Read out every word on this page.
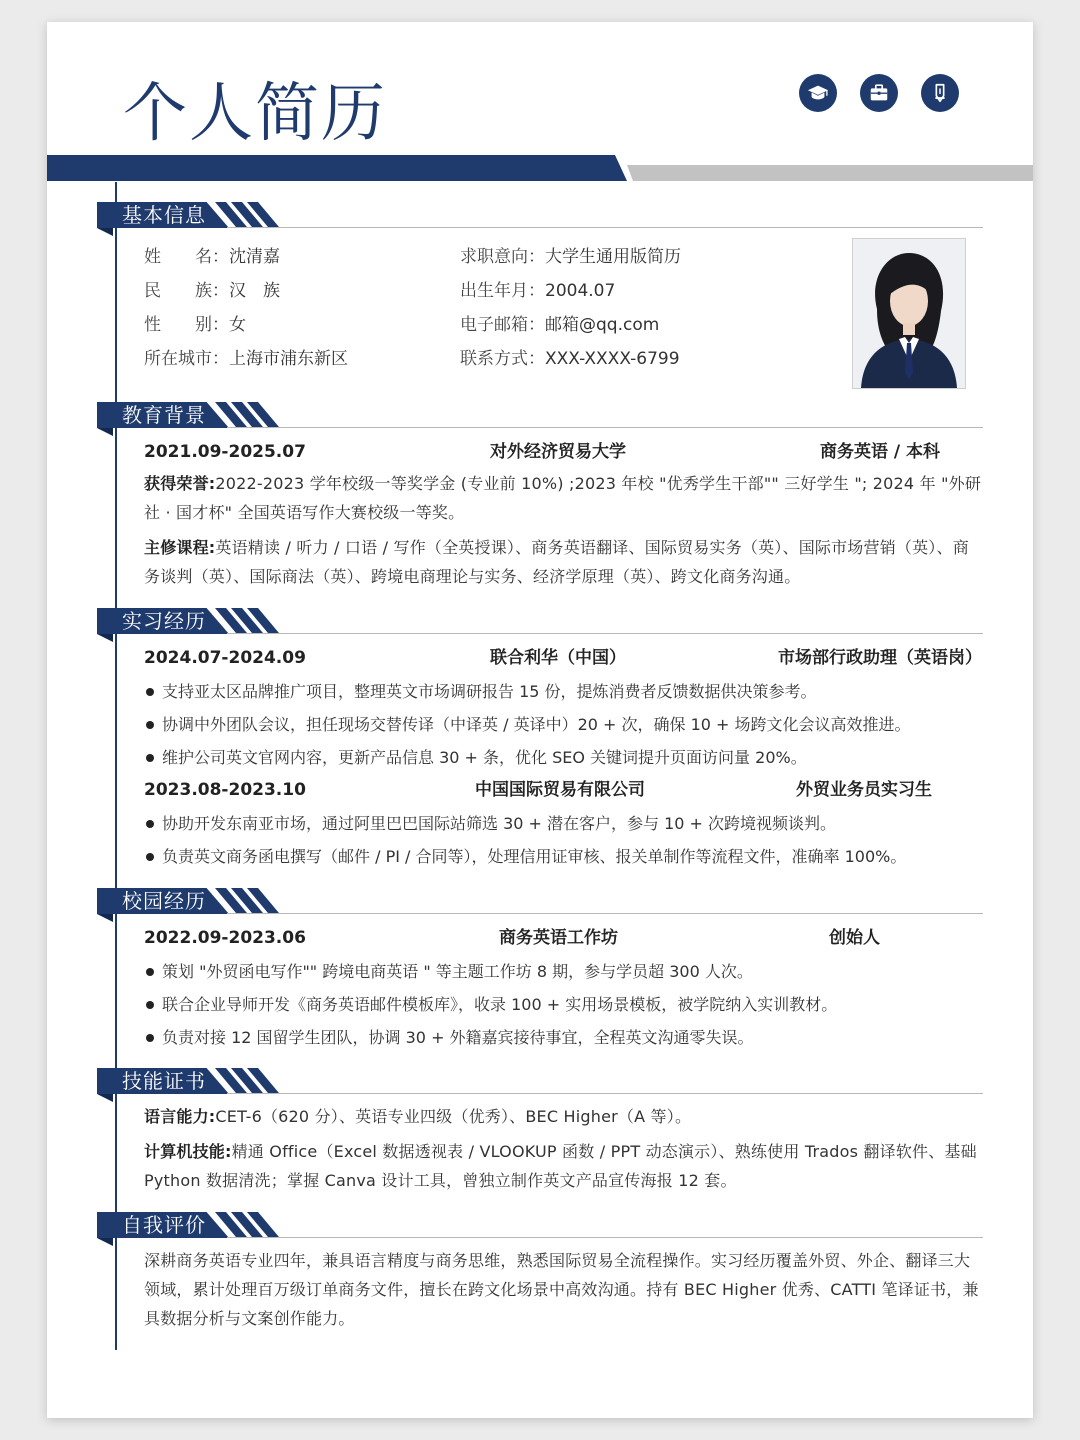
个人简历
基本信息
姓　　名：沈清嘉
民　　族：汉　族
性　　别：女
所在城市：上海市浦东新区
求职意向：大学生通用版简历
出生年月：2004.07
电子邮箱：邮箱@qq.com
联系方式：XXX-XXXX-6799
教育背景
2021.09-2025.07	对外经济贸易大学	商务英语 / 本科

获得荣誉:2022-2023 学年校级一等奖学金 (专业前 10%) ;2023 年校 "优秀学生干部"" 三好学生 "; 2024 年 "外研社 · 国才杯" 全国英语写作大赛校级一等奖。

主修课程:英语精读 / 听力 / 口语 / 写作（全英授课）、商务英语翻译、国际贸易实务（英）、国际市场营销（英）、商务谈判（英）、国际商法（英）、跨境电商理论与实务、经济学原理（英）、跨文化商务沟通。

实习经历
2024.07-2024.09	联合利华（中国）	市场部行政助理（英语岗）
支持亚太区品牌推广项目，整理英文市场调研报告 15 份，提炼消费者反馈数据供决策参考。
协调中外团队会议，担任现场交替传译（中译英 / 英译中）20 + 次，确保 10 + 场跨文化会议高效推进。
维护公司英文官网内容，更新产品信息 30 + 条，优化 SEO 关键词提升页面访问量 20%。
2023.08-2023.10	中国国际贸易有限公司	外贸业务员实习生
协助开发东南亚市场，通过阿里巴巴国际站筛选 30 + 潜在客户，参与 10 + 次跨境视频谈判。
负责英文商务函电撰写（邮件 / PI / 合同等），处理信用证审核、报关单制作等流程文件，准确率 100%。
校园经历
2022.09-2023.06	商务英语工作坊	创始人
策划 "外贸函电写作"" 跨境电商英语 " 等主题工作坊 8 期，参与学员超 300 人次。
联合企业导师开发《商务英语邮件模板库》，收录 100 + 实用场景模板，被学院纳入实训教材。
负责对接 12 国留学生团队，协调 30 + 外籍嘉宾接待事宜，全程英文沟通零失误。
技能证书

语言能力:CET-6（620 分）、英语专业四级（优秀）、BEC Higher（A 等）。

计算机技能:精通 Office（Excel 数据透视表 / VLOOKUP 函数 / PPT 动态演示）、熟练使用 Trados 翻译软件、基础 Python 数据清洗；掌握 Canva 设计工具，曾独立制作英文产品宣传海报 12 套。

自我评价

深耕商务英语专业四年，兼具语言精度与商务思维，熟悉国际贸易全流程操作。实习经历覆盖外贸、外企、翻译三大领域，累计处理百万级订单商务文件，擅长在跨文化场景中高效沟通。持有 BEC Higher 优秀、CATTI 笔译证书，兼具数据分析与文案创作能力。
